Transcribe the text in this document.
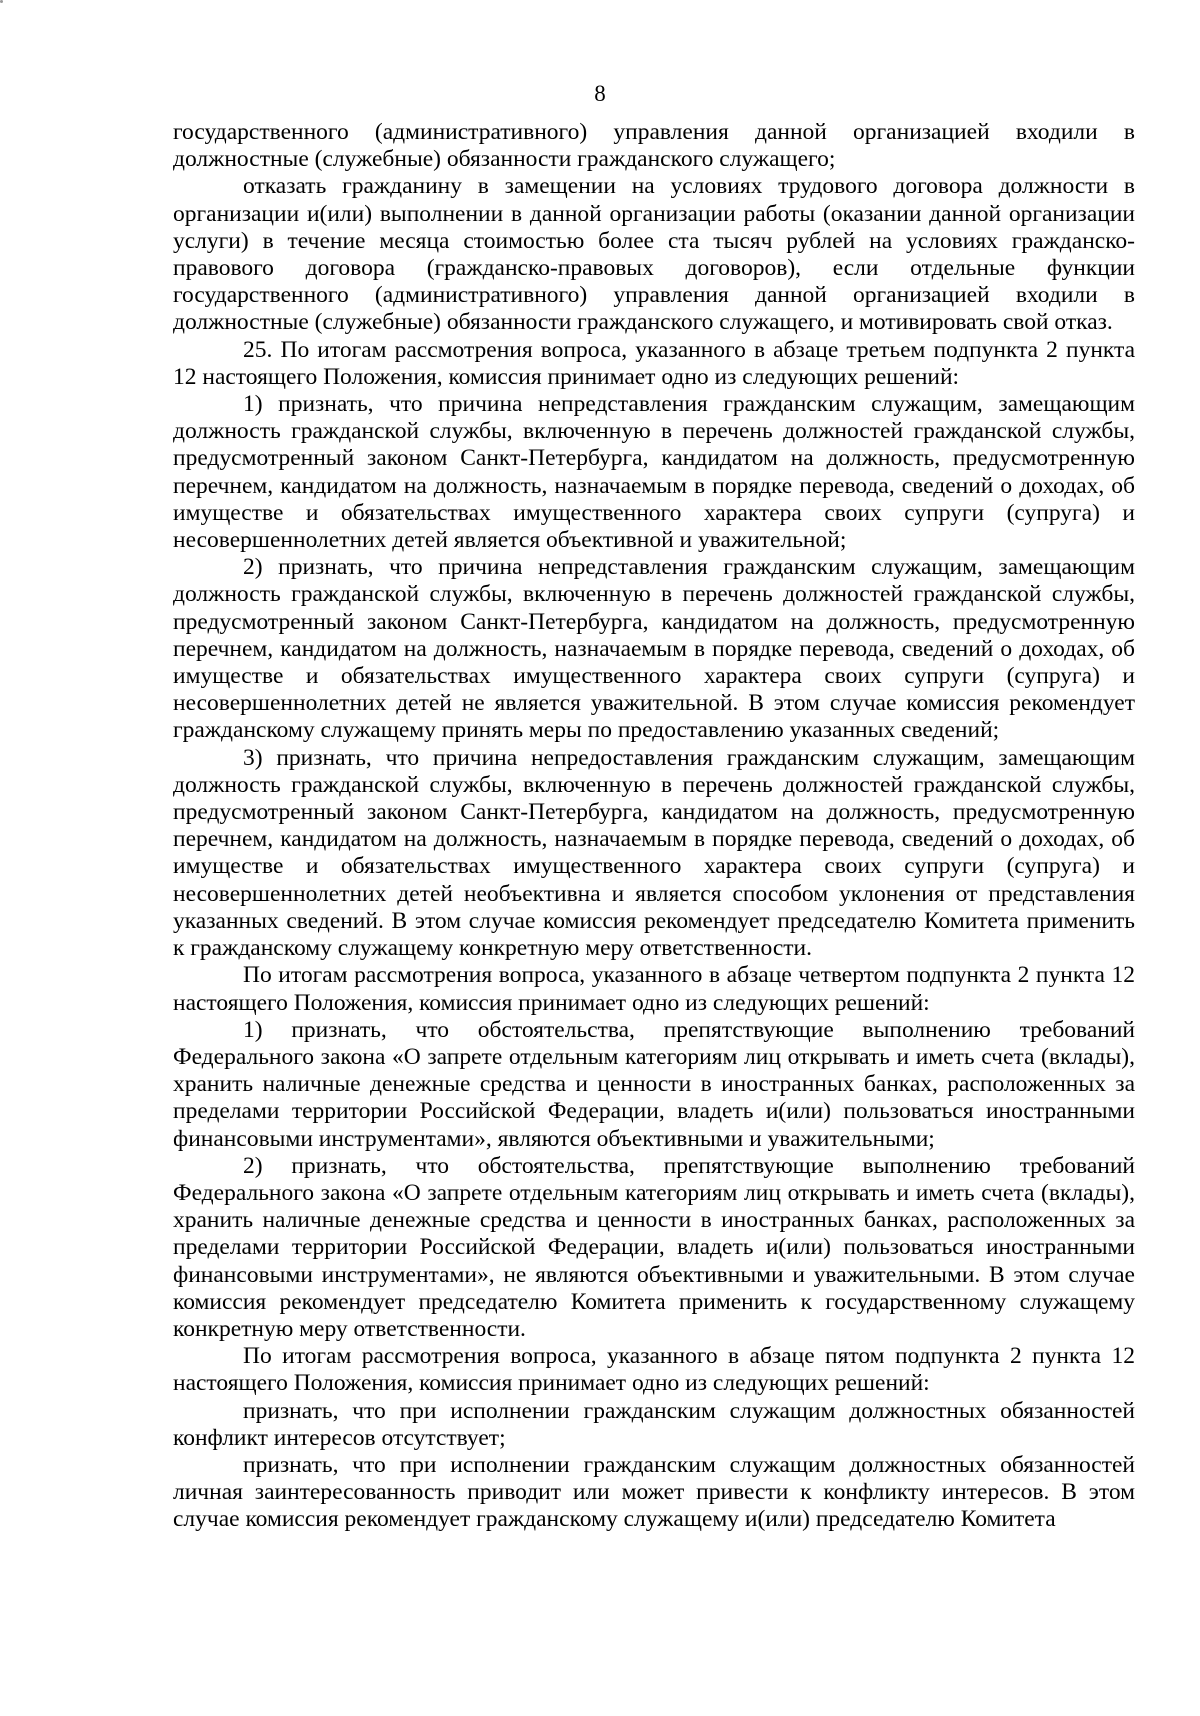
8

государственного (административного) управления данной организацией входили в должностные (служебные) обязанности гражданского служащего;

отказать гражданину в замещении на условиях трудового договора должности в организации и(или) выполнении в данной организации работы (оказании данной организации услуги) в течение месяца стоимостью более ста тысяч рублей на условиях гражданско-правового договора (гражданско-правовых договоров), если отдельные функции государственного (административного) управления данной организацией входили в должностные (служебные) обязанности гражданского служащего, и мотивировать свой отказ.

25. По итогам рассмотрения вопроса, указанного в абзаце третьем подпункта 2 пункта 12 настоящего Положения, комиссия принимает одно из следующих решений:

1) признать, что причина непредставления гражданским служащим, замещающим должность гражданской службы, включенную в перечень должностей гражданской службы, предусмотренный законом Санкт-Петербурга, кандидатом на должность, предусмотренную перечнем, кандидатом на должность, назначаемым в порядке перевода, сведений о доходах, об имуществе и обязательствах имущественного характера своих супруги (супруга) и несовершеннолетних детей является объективной и уважительной;

2) признать, что причина непредставления гражданским служащим, замещающим должность гражданской службы, включенную в перечень должностей гражданской службы, предусмотренный законом Санкт-Петербурга, кандидатом на должность, предусмотренную перечнем, кандидатом на должность, назначаемым в порядке перевода, сведений о доходах, об имуществе и обязательствах имущественного характера своих супруги (супруга) и несовершеннолетних детей не является уважительной. В этом случае комиссия рекомендует гражданскому служащему принять меры по предоставлению указанных сведений;

3) признать, что причина непредоставления гражданским служащим, замещающим должность гражданской службы, включенную в перечень должностей гражданской службы, предусмотренный законом Санкт-Петербурга, кандидатом на должность, предусмотренную перечнем, кандидатом на должность, назначаемым в порядке перевода, сведений о доходах, об имуществе и обязательствах имущественного характера своих супруги (супруга) и несовершеннолетних детей необъективна и является способом уклонения от представления указанных сведений. В этом случае комиссия рекомендует председателю Комитета применить к гражданскому служащему конкретную меру ответственности.

По итогам рассмотрения вопроса, указанного в абзаце четвертом подпункта 2 пункта 12 настоящего Положения, комиссия принимает одно из следующих решений:

1) признать, что обстоятельства, препятствующие выполнению требований Федерального закона «О запрете отдельным категориям лиц открывать и иметь счета (вклады), хранить наличные денежные средства и ценности в иностранных банках, расположенных за пределами территории Российской Федерации, владеть и(или) пользоваться иностранными финансовыми инструментами», являются объективными и уважительными;

2) признать, что обстоятельства, препятствующие выполнению требований Федерального закона «О запрете отдельным категориям лиц открывать и иметь счета (вклады), хранить наличные денежные средства и ценности в иностранных банках, расположенных за пределами территории Российской Федерации, владеть и(или) пользоваться иностранными финансовыми инструментами», не являются объективными и уважительными. В этом случае комиссия рекомендует председателю Комитета применить к государственному служащему конкретную меру ответственности.

По итогам рассмотрения вопроса, указанного в абзаце пятом подпункта 2 пункта 12 настоящего Положения, комиссия принимает одно из следующих решений:

признать, что при исполнении гражданским служащим должностных обязанностей конфликт интересов отсутствует;

признать, что при исполнении гражданским служащим должностных обязанностей личная заинтересованность приводит или может привести к конфликту интересов. В этом случае комиссия рекомендует гражданскому служащему и(или) председателю Комитета
